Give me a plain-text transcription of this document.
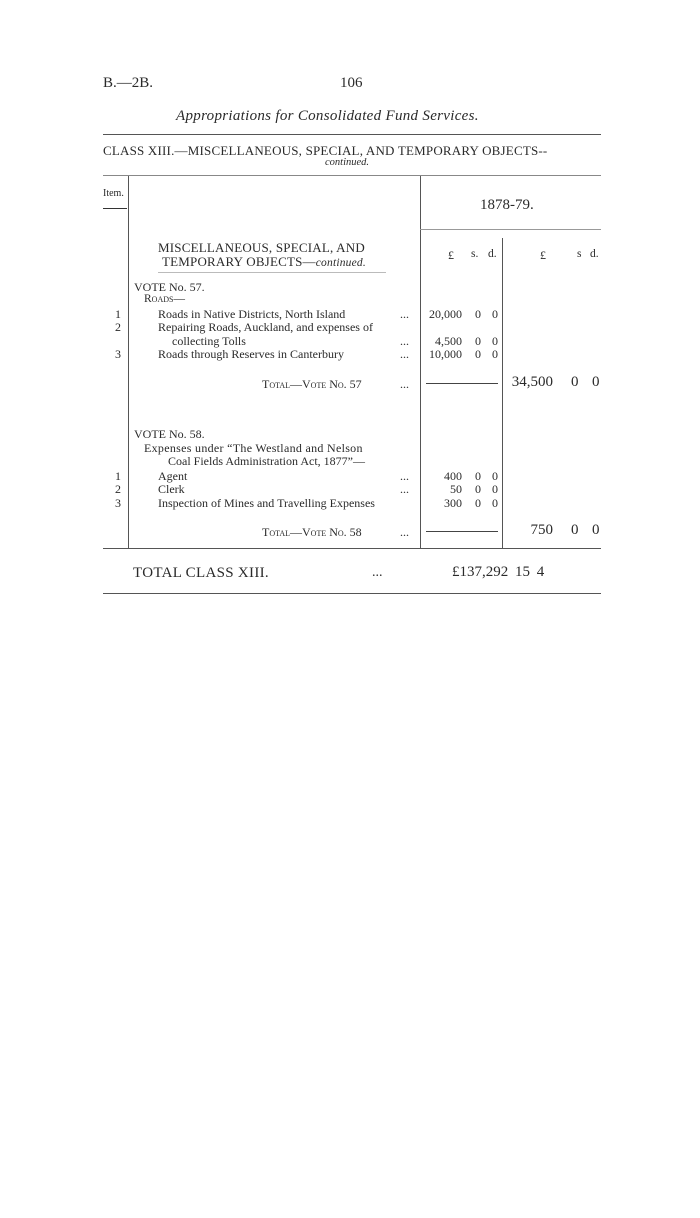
B.—2B.	106
Appropriations for Consolidated Fund Services.
CLASS XIII.—MISCELLANEOUS, SPECIAL, AND TEMPORARY OBJECTS--
continued.
Item.
1878-79.
MISCELLANEOUS, SPECIAL, AND
TEMPORARY OBJECTS—continued.
£ s. d.	£	s d.
VOTE No. 57.
Roads—
1	Roads in Native Districts, North Island	...	20,000 0 0
2	Repairing Roads, Auckland, and expenses of
collecting Tolls	...	4,500 0 0
3	Roads through Reserves in Canterbury	...	10,000 0 0
Total—Vote No. 57	...	34,500 0 0
VOTE No. 58.
Expenses under “The Westland and Nelson
Coal Fields Administration Act, 1877”—
1	Agent	...	400 0 0
2	Clerk	...	50 0 0
3	Inspection of Mines and Travelling Expenses	300 0 0
Total—Vote No. 58	...	750 0 0
TOTAL CLASS XIII.	...	£137,292 15 4
